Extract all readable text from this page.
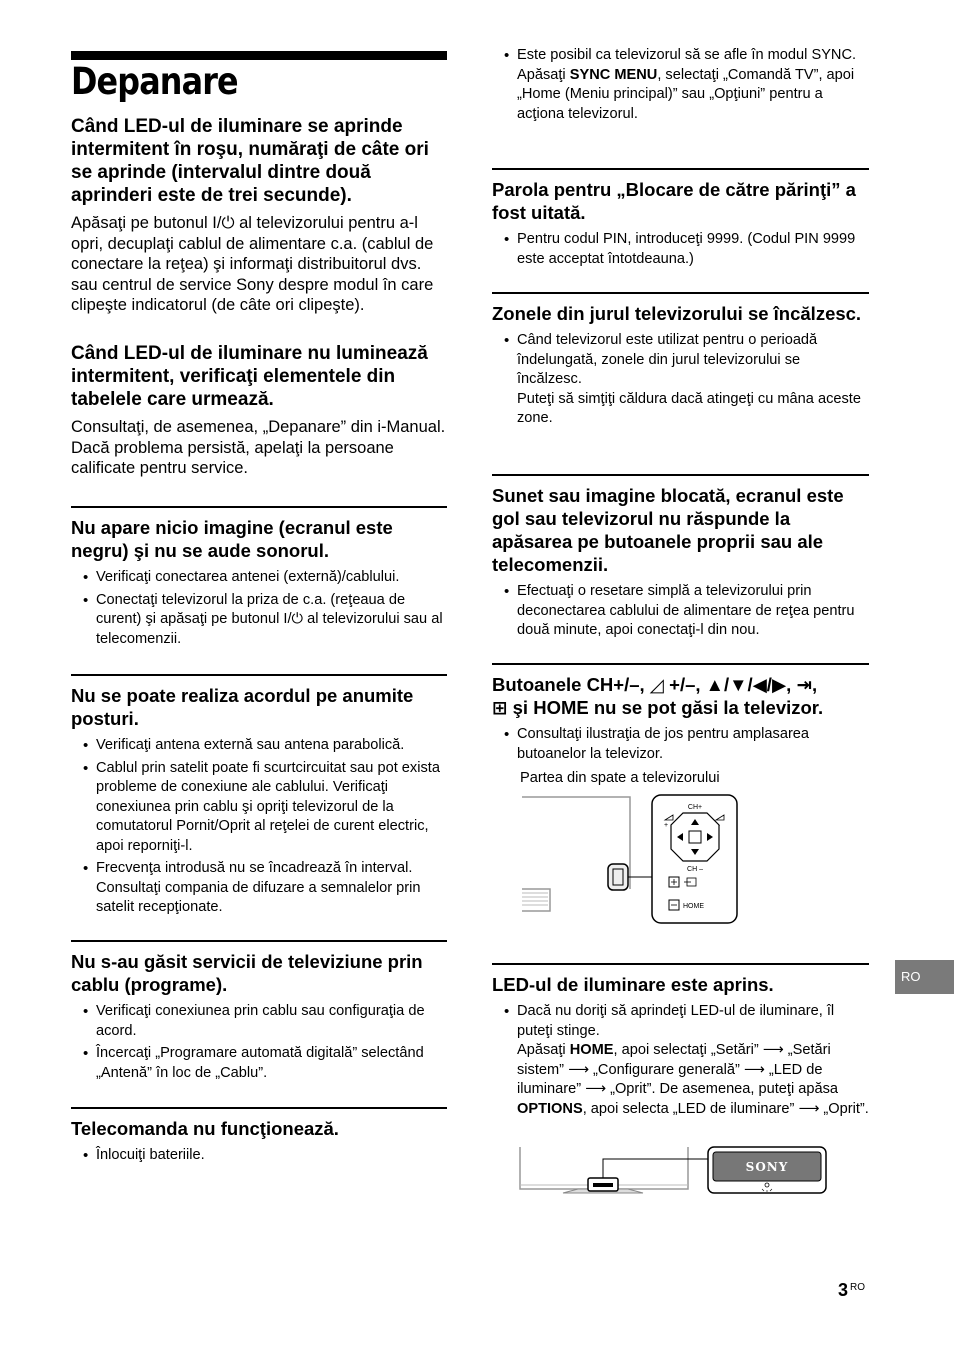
Depanare

Când LED-ul de iluminare se aprinde intermitent în roşu, număraţi de câte ori se aprinde (intervalul dintre două aprinderi este de trei secunde).

Apăsaţi pe butonul I/⏻ al televizorului pentru a-l opri, decuplaţi cablul de alimentare c.a. (cablul de conectare la reţea) şi informaţi distribuitorul dvs. sau centrul de service Sony despre modul în care clipeşte indicatorul (de câte ori clipeşte).

Când LED-ul de iluminare nu luminează intermitent, verificaţi elementele din tabelele care urmează.

Consultaţi, de asemenea, „Depanare” din i-Manual. Dacă problema persistă, apelaţi la persoane calificate pentru service.

Nu apare nicio imagine (ecranul este negru) şi nu se aude sonorul.

• Verificaţi conectarea antenei (externă)/cablului.
• Conectaţi televizorul la priza de c.a. (reţeaua de curent) şi apăsaţi pe butonul I/⏻ al televizorului sau al telecomenzii.

Nu se poate realiza acordul pe anumite posturi.

• Verificaţi antena externă sau antena parabolică.
• Cablul prin satelit poate fi scurtcircuitat sau pot exista probleme de conexiune ale cablului. Verificaţi conexiunea prin cablu şi opriţi televizorul de la comutatorul Pornit/Oprit al reţelei de curent electric, apoi reporniţi-l.
• Frecvenţa introdusă nu se încadrează în interval. Consultaţi compania de difuzare a semnalelor prin satelit recepţionate.

Nu s-au găsit servicii de televiziune prin cablu (programe).

• Verificaţi conexiunea prin cablu sau configuraţia de acord.
• Încercaţi „Programare automată digitală” selectând „Antenă” în loc de „Cablu”.

Telecomanda nu funcţionează.

• Înlocuiţi bateriile.
• Este posibil ca televizorul să se afle în modul SYNC.
Apăsaţi SYNC MENU, selectaţi „Comandă TV”, apoi „Home (Meniu principal)” sau „Opţiuni” pentru a acţiona televizorul.

Parola pentru „Blocare de către părinţi” a fost uitată.

• Pentru codul PIN, introduceţi 9999. (Codul PIN 9999 este acceptat întotdeauna.)

Zonele din jurul televizorului se încălzesc.

• Când televizorul este utilizat pentru o perioadă îndelungată, zonele din jurul televizorului se încălzesc.
Puteţi să simţiţi căldura dacă atingeţi cu mâna aceste zone.

Sunet sau imagine blocată, ecranul este gol sau televizorul nu răspunde la apăsarea pe butoanele proprii sau ale telecomenzii.

• Efectuaţi o resetare simplă a televizorului prin deconectarea cablului de alimentare de reţea pentru două minute, apoi conectaţi-l din nou.

Butoanele CH+/–, ◿ +/–, ▲/▼/◀/▶, ⇥,
⊞ şi HOME nu se pot găsi la televizor.

• Consultaţi ilustraţia de jos pentru amplasarea butoanelor la televizor.
Partea din spate a televizorului
CH+
CH –
+
HOME

LED-ul de iluminare este aprins.

• Dacă nu doriţi să aprindeţi LED-ul de iluminare, îl puteţi stinge.
Apăsaţi HOME, apoi selectaţi „Setări” ⟶ „Setări sistem” ⟶ „Configurare generală” ⟶ „LED de iluminare” ⟶ „Oprit”. De asemenea, puteţi apăsa OPTIONS, apoi selecta „LED de iluminare” ⟶ „Oprit”.
SONY
RO
3 $^{RO}$
